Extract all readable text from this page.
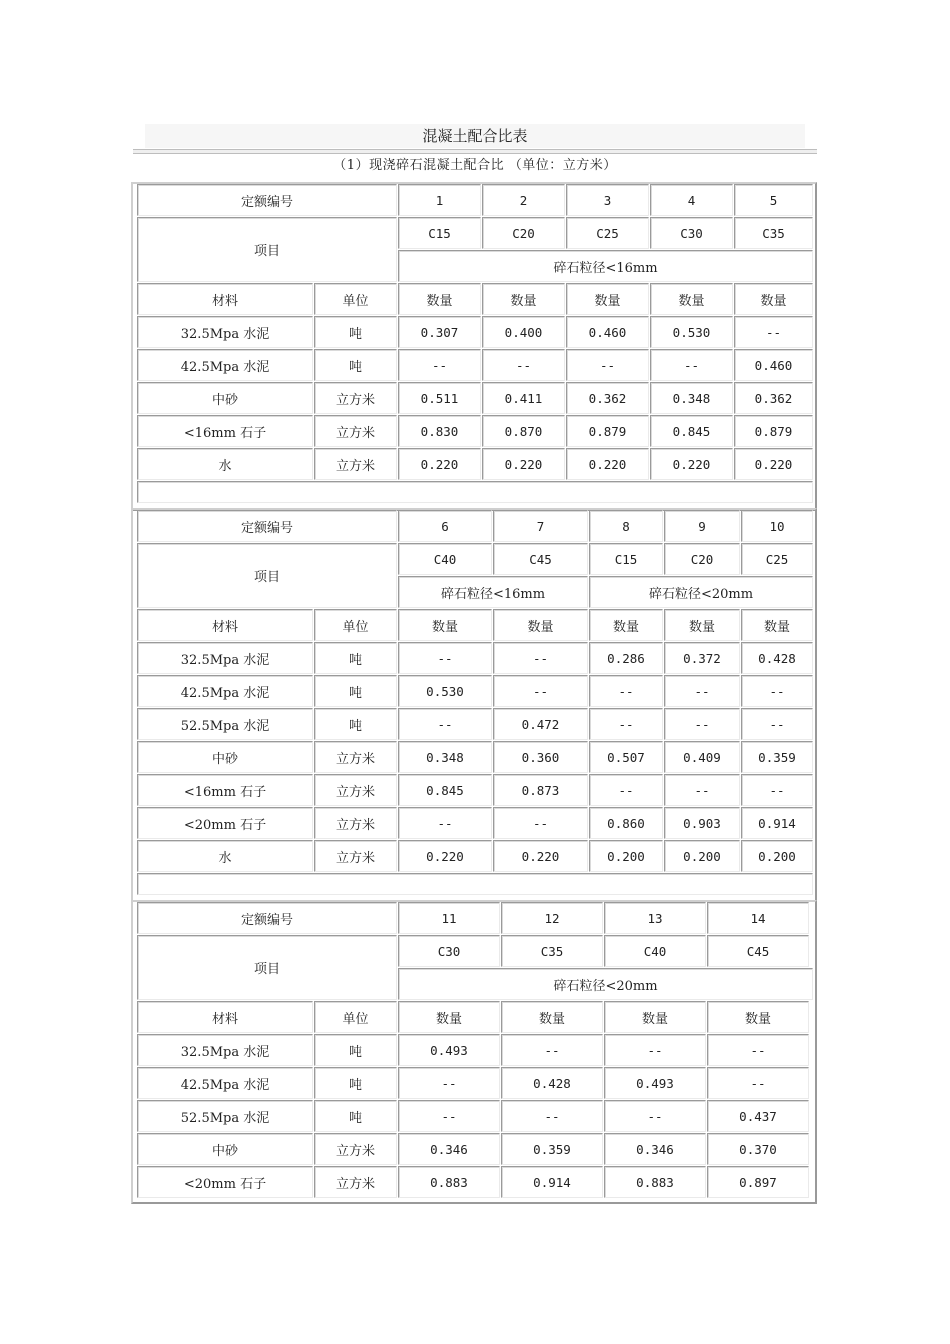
混凝土配合比表
（1）现浇碎石混凝土配合比 （单位：立方米）
定额编号	1	2	3	4	5
项目
C15	C20	C25	C30	C35
碎石粒径<16mm
材料	单位	数量	数量	数量	数量	数量
32.5Mpa 水泥	吨	0.307	0.400	0.460	0.530	--
42.5Mpa 水泥	吨	--	--	--	--	0.460
中砂	立方米	0.511	0.411	0.362	0.348	0.362
<16mm 石子	立方米	0.830	0.870	0.879	0.845	0.879
水	立方米	0.220	0.220	0.220	0.220	0.220
定额编号	6	7	8	9	10
项目
C40	C45	C15	C20	C25
碎石粒径<16mm	碎石粒径<20mm
材料	单位	数量	数量	数量	数量	数量
32.5Mpa 水泥	吨	--	--	0.286	0.372	0.428
42.5Mpa 水泥	吨	0.530	--	--	--	--
52.5Mpa 水泥	吨	--	0.472	--	--	--
中砂	立方米	0.348	0.360	0.507	0.409	0.359
<16mm 石子	立方米	0.845	0.873	--	--	--
<20mm 石子	立方米	--	--	0.860	0.903	0.914
水	立方米	0.220	0.220	0.200	0.200	0.200
定额编号	11	12	13	14
项目
C30	C35	C40	C45
碎石粒径<20mm
材料	单位	数量	数量	数量	数量
32.5Mpa 水泥	吨	0.493	--	--	--
42.5Mpa 水泥	吨	--	0.428	0.493	--
52.5Mpa 水泥	吨	--	--	--	0.437
中砂	立方米	0.346	0.359	0.346	0.370
<20mm 石子	立方米	0.883	0.914	0.883	0.897
